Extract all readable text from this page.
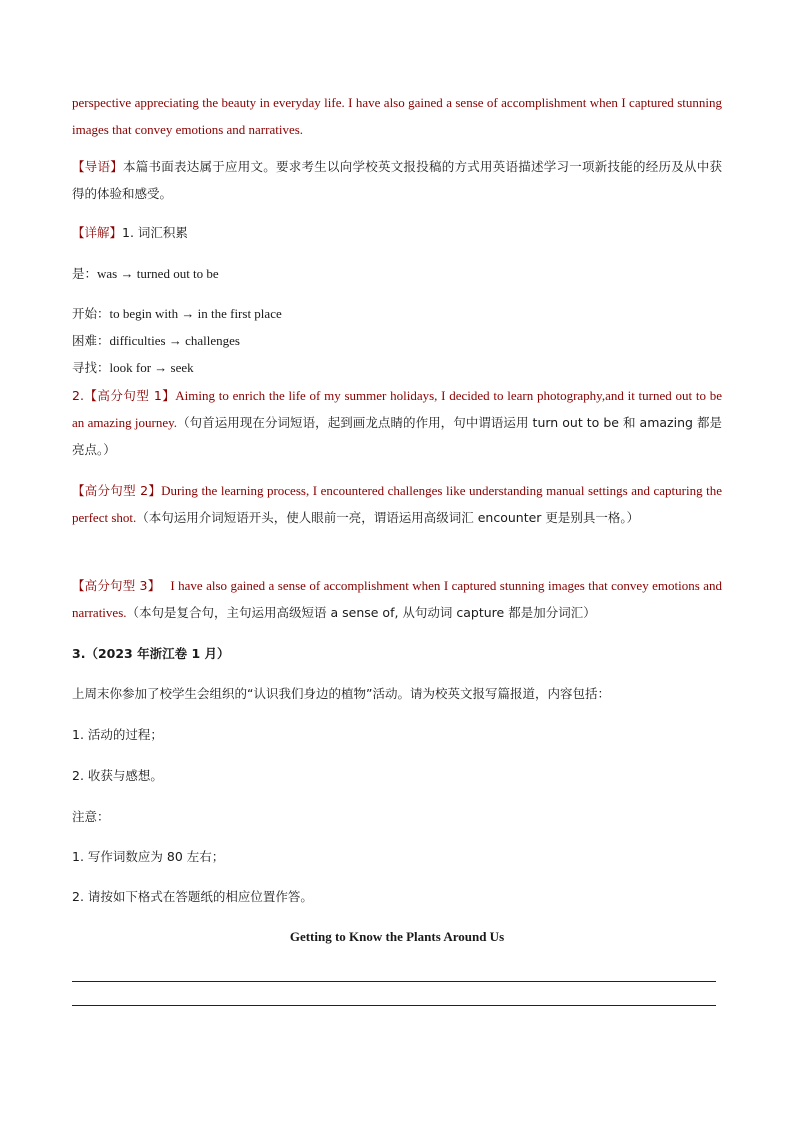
perspective appreciating the beauty in everyday life. I have also gained a sense of accomplishment when I captured stunning images that convey emotions and narratives.
【导语】本篇书面表达属于应用文。要求考生以向学校英文报投稿的方式用英语描述学习一项新技能的经历及从中获得的体验和感受。
【详解】1. 词汇积累
是：was → turned out to be
开始：to begin with → in the first place
困难：difficulties → challenges
寻找：look for → seek
2.【高分句型 1】Aiming to enrich the life of my summer holidays, I decided to learn photography,and it turned out to be an amazing journey.（句首运用现在分词短语，起到画龙点睛的作用，句中谓语运用 turn out to be 和 amazing 都是亮点。）
【高分句型 2】During the learning process, I encountered challenges like understanding manual settings and capturing the perfect shot.（本句运用介词短语开头，使人眼前一亮，谓语运用高级词汇 encounter 更是别具一格。）
【高分句型 3】 I have also gained a sense of accomplishment when I captured stunning images that convey emotions and narratives.（本句是复合句，主句运用高级短语 a sense of, 从句动词 capture 都是加分词汇）
3.（2023 年浙江卷 1 月）
上周末你参加了校学生会组织的“认识我们身边的植物”活动。请为校英文报写篇报道，内容包括：
1. 活动的过程；
2. 收获与感想。
注意：
1. 写作词数应为 80 左右；
2. 请按如下格式在答题纸的相应位置作答。
Getting to Know the Plants Around Us
